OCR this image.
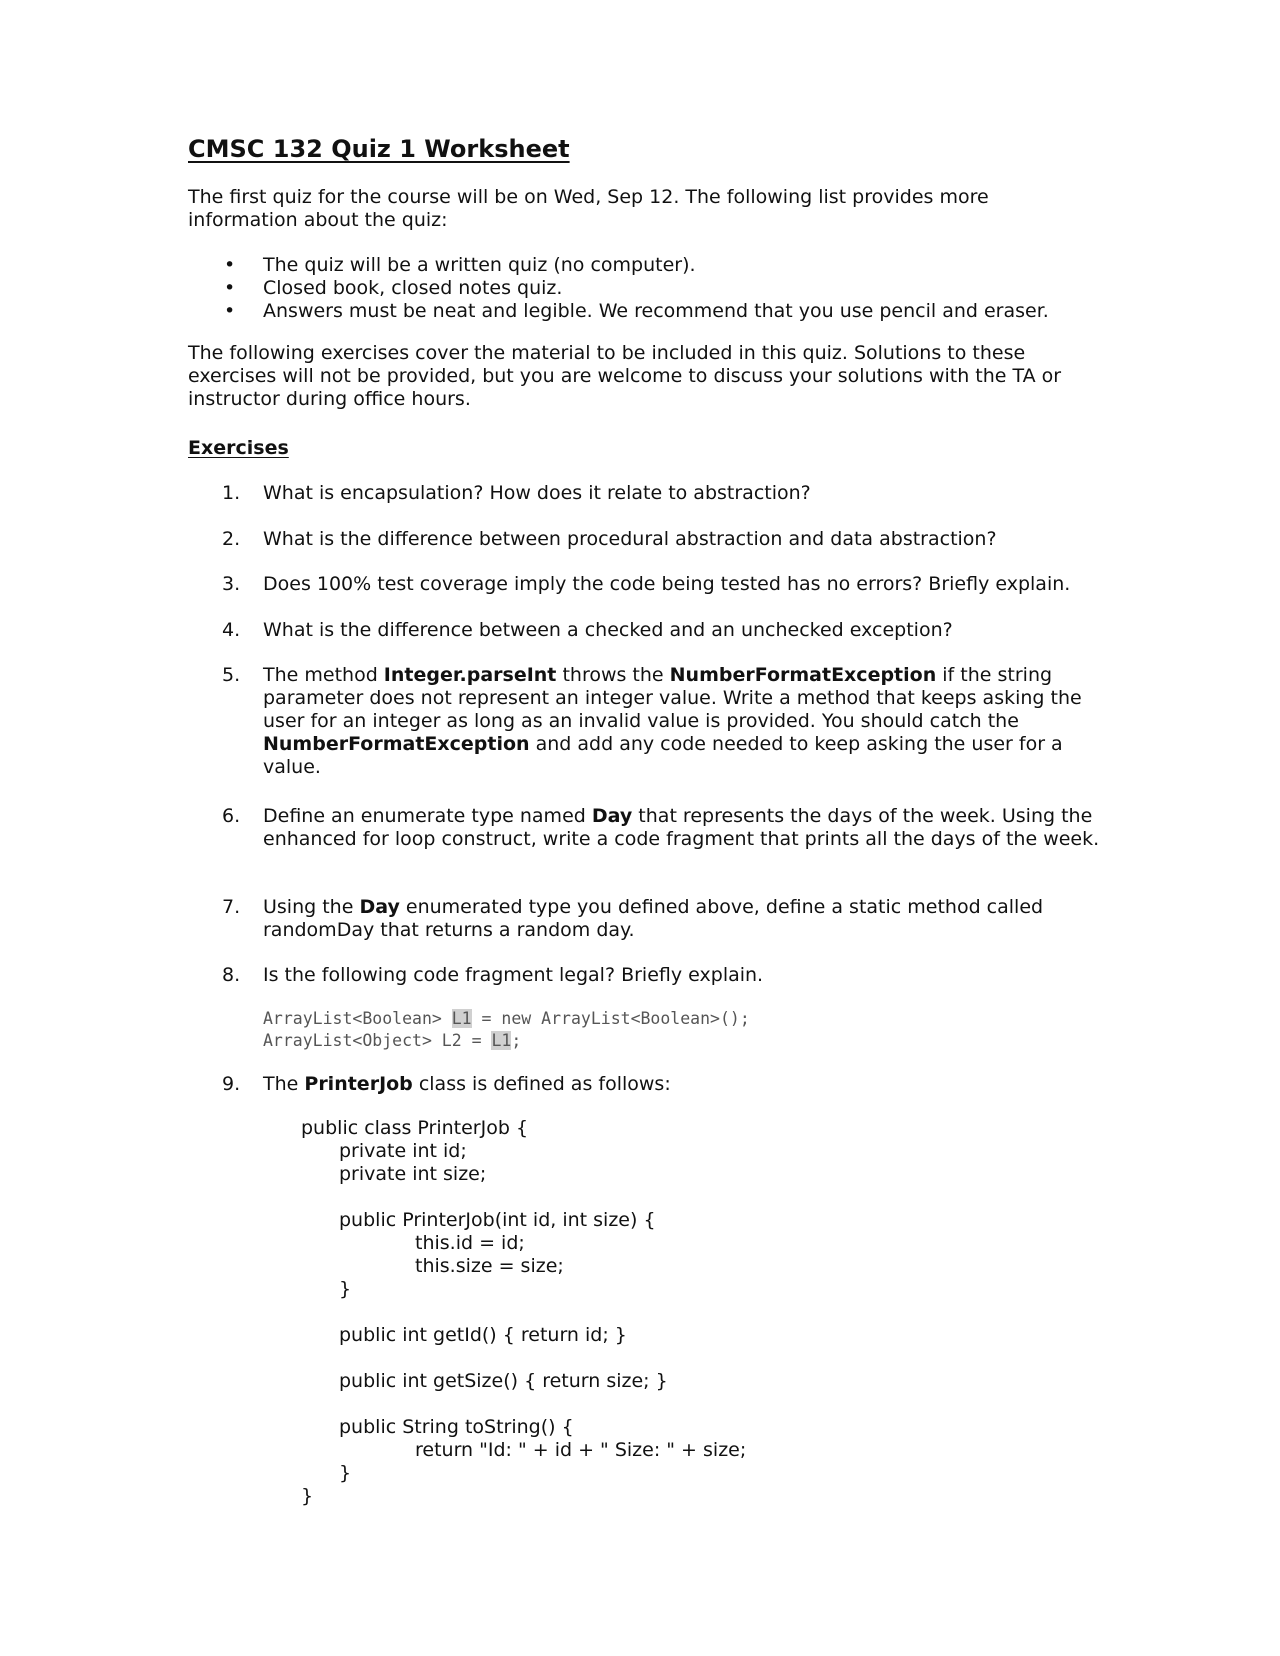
CMSC 132 Quiz 1 Worksheet
The first quiz for the course will be on Wed, Sep 12. The following list provides more
information about the quiz:
• The quiz will be a written quiz (no computer).
• Closed book, closed notes quiz.
• Answers must be neat and legible. We recommend that you use pencil and eraser.
The following exercises cover the material to be included in this quiz. Solutions to these
exercises will not be provided, but you are welcome to discuss your solutions with the TA or
instructor during office hours.
Exercises
1.	What is encapsulation? How does it relate to abstraction?
2.	What is the difference between procedural abstraction and data abstraction?
3.	Does 100% test coverage imply the code being tested has no errors? Briefly explain.
4.	What is the difference between a checked and an unchecked exception?
5.	The method Integer.parseInt throws the NumberFormatException if the string parameter does not represent an integer value. Write a method that keeps asking the user for an integer as long as an invalid value is provided. You should catch the NumberFormatException and add any code needed to keep asking the user for a value.
6.	Define an enumerate type named Day that represents the days of the week. Using the enhanced for loop construct, write a code fragment that prints all the days of the week.
7.	Using the Day enumerated type you defined above, define a static method called randomDay that returns a random day.
8.	Is the following code fragment legal? Briefly explain.
ArrayList<Boolean> L1 = new ArrayList<Boolean>();
ArrayList<Object> L2 = L1;
9.	The PrinterJob class is defined as follows:
public class PrinterJob {
private int id;
private int size;
public PrinterJob(int id, int size) {
this.id = id;
this.size = size;
}
public int getId() { return id; }
public int getSize() { return size; }
public String toString() {
return "Id: " + id + " Size: " + size;
}
}
